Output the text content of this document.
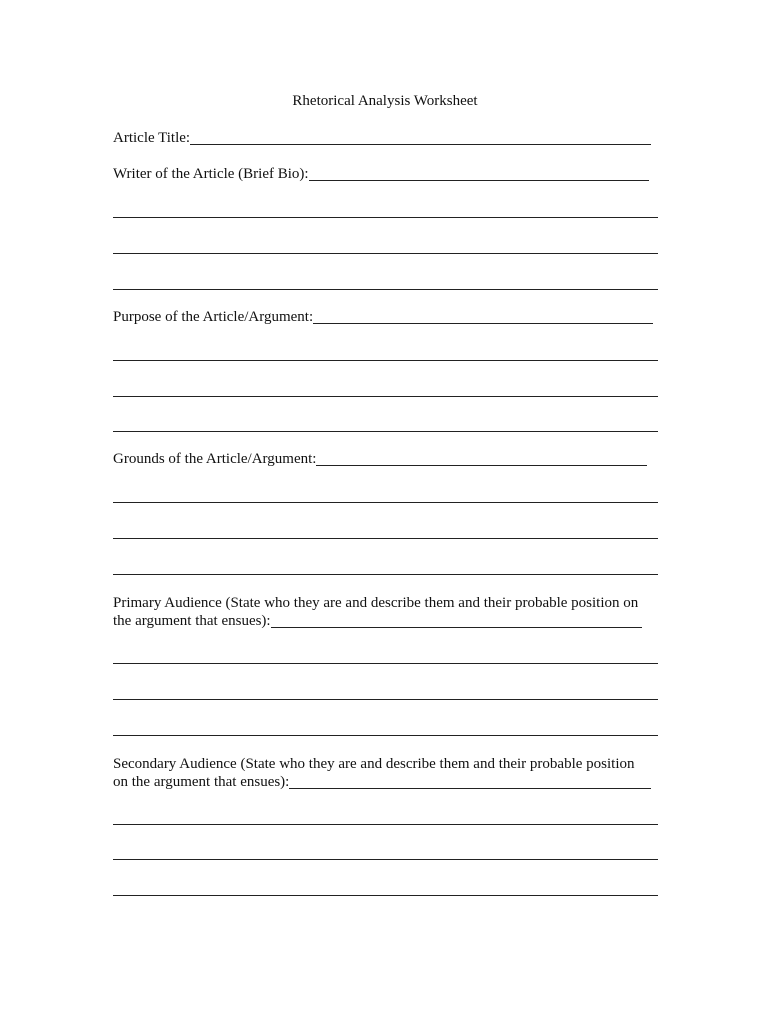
Rhetorical Analysis Worksheet
Article Title:
Writer of the Article (Brief Bio):
Purpose of the Article/Argument:
Grounds of the Article/Argument:
Primary Audience (State who they are and describe them and their probable position on
the argument that ensues):
Secondary Audience (State who they are and describe them and their probable position
on the argument that ensues):
